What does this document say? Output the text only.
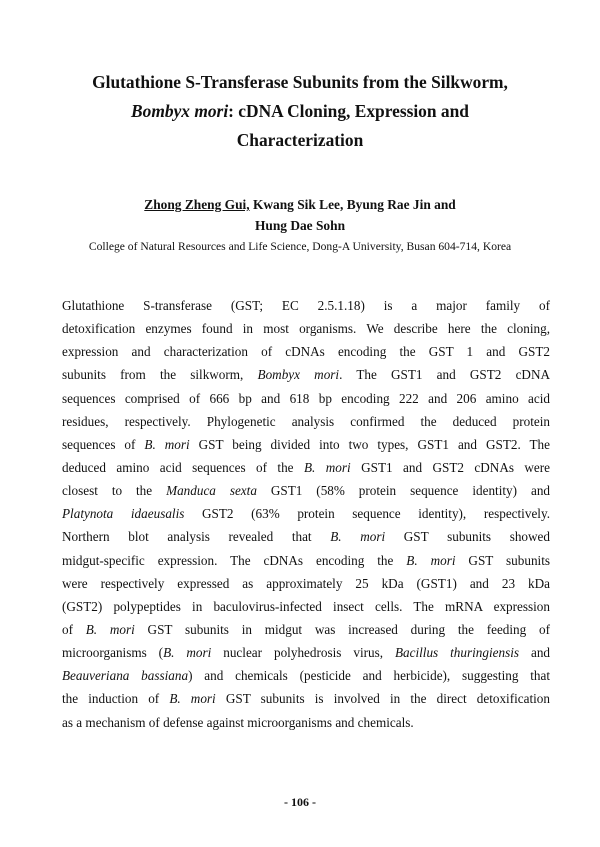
Glutathione S-Transferase Subunits from the Silkworm,
Bombyx mori: cDNA Cloning, Expression and
Characterization
Zhong Zheng Gui, Kwang Sik Lee, Byung Rae Jin and
Hung Dae Sohn
College of Natural Resources and Life Science, Dong-A University, Busan 604-714, Korea
Glutathione S-transferase (GST; EC 2.5.1.18) is a major family of
detoxification enzymes found in most organisms. We describe here the cloning,
expression and characterization of cDNAs encoding the GST 1 and GST2
subunits from the silkworm, Bombyx mori. The GST1 and GST2 cDNA
sequences comprised of 666 bp and 618 bp encoding 222 and 206 amino acid
residues, respectively. Phylogenetic analysis confirmed the deduced protein
sequences of B. mori GST being divided into two types, GST1 and GST2. The
deduced amino acid sequences of the B. mori GST1 and GST2 cDNAs were
closest to the Manduca sexta GST1 (58% protein sequence identity) and
Platynota idaeusalis GST2 (63% protein sequence identity), respectively.
Northern blot analysis revealed that B. mori GST subunits showed
midgut-specific expression. The cDNAs encoding the B. mori GST subunits
were respectively expressed as approximately 25 kDa (GST1) and 23 kDa
(GST2) polypeptides in baculovirus-infected insect cells. The mRNA expression
of B. mori GST subunits in midgut was increased during the feeding of
microorganisms (B. mori nuclear polyhedrosis virus, Bacillus thuringiensis and
Beauveriana bassiana) and chemicals (pesticide and herbicide), suggesting that
the induction of B. mori GST subunits is involved in the direct detoxification
as a mechanism of defense against microorganisms and chemicals.
- 106 -
